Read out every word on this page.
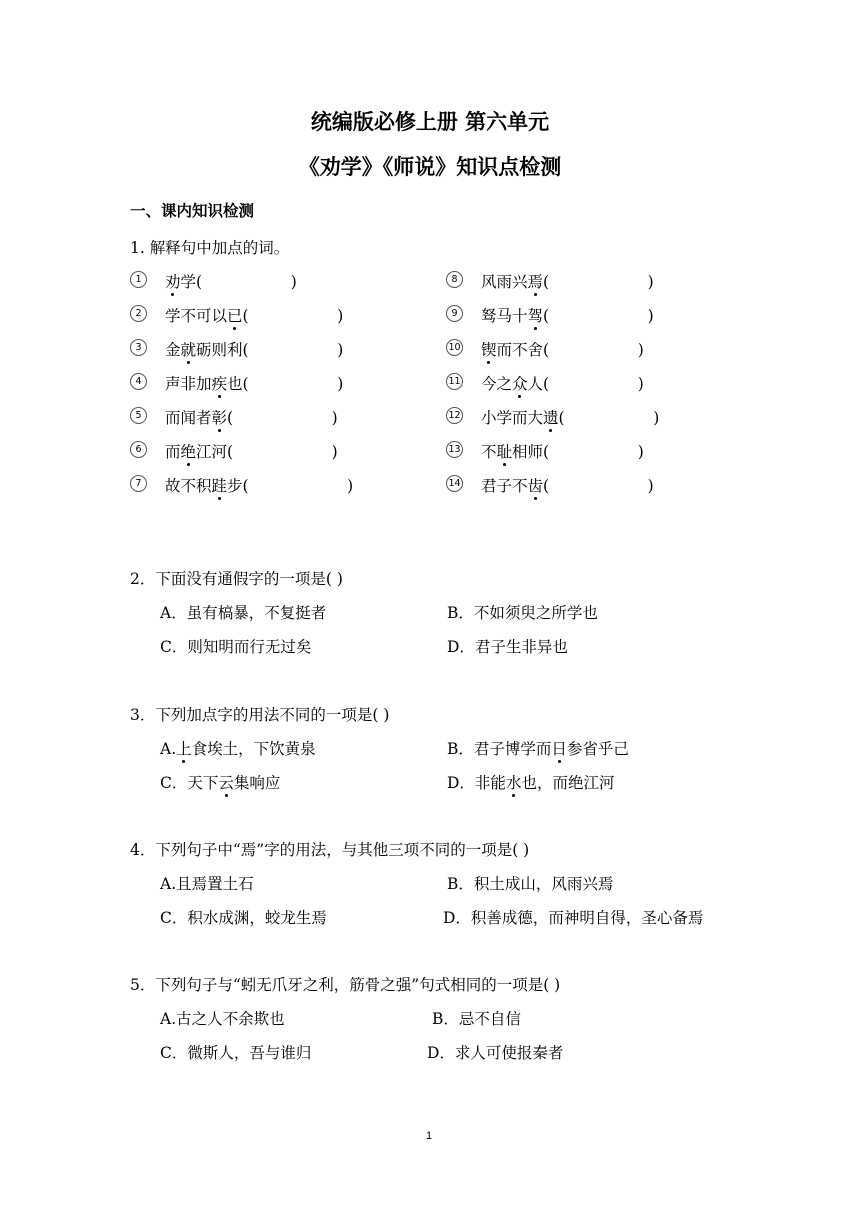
统编版必修上册 第六单元
《劝学》《师说》知识点检测
一、课内知识检测
1. 解释句中加点的词。
1	劝学(                  )
2	学不可以已(                  )
3	金就砺则利(                  )
4	声非加疾也(                  )
5	而闻者彰(                    )
6	而绝江河(                    )
7	故不积跬步(                    )
8	风雨兴焉(                    )
9	驽马十驾(                    )
10 锲而不舍(                  )
11 今之众人(                  )
12 小学而大遗(                  )
13 不耻相师(                  )
14 君子不齿(                    )
2．下面没有通假字的一项是( )
A．虽有槁暴，不复挺者	B．不如须臾之所学也
C．则知明而行无过矣	D．君子生非异也
3．下列加点字的用法不同的一项是( )
A.上食埃土，下饮黄泉	B．君子博学而日参省乎己
C．天下云集响应	D．非能水也，而绝江河
4．下列句子中“焉”字的用法，与其他三项不同的一项是( )
A.且焉置土石	B．积土成山，风雨兴焉
C．积水成渊，蛟龙生焉	D．积善成德，而神明自得，圣心备焉
5．下列句子与“蚓无爪牙之利，筋骨之强”句式相同的一项是( )
A.古之人不余欺也	B．忌不自信
C．微斯人，吾与谁归	D．求人可使报秦者
1
